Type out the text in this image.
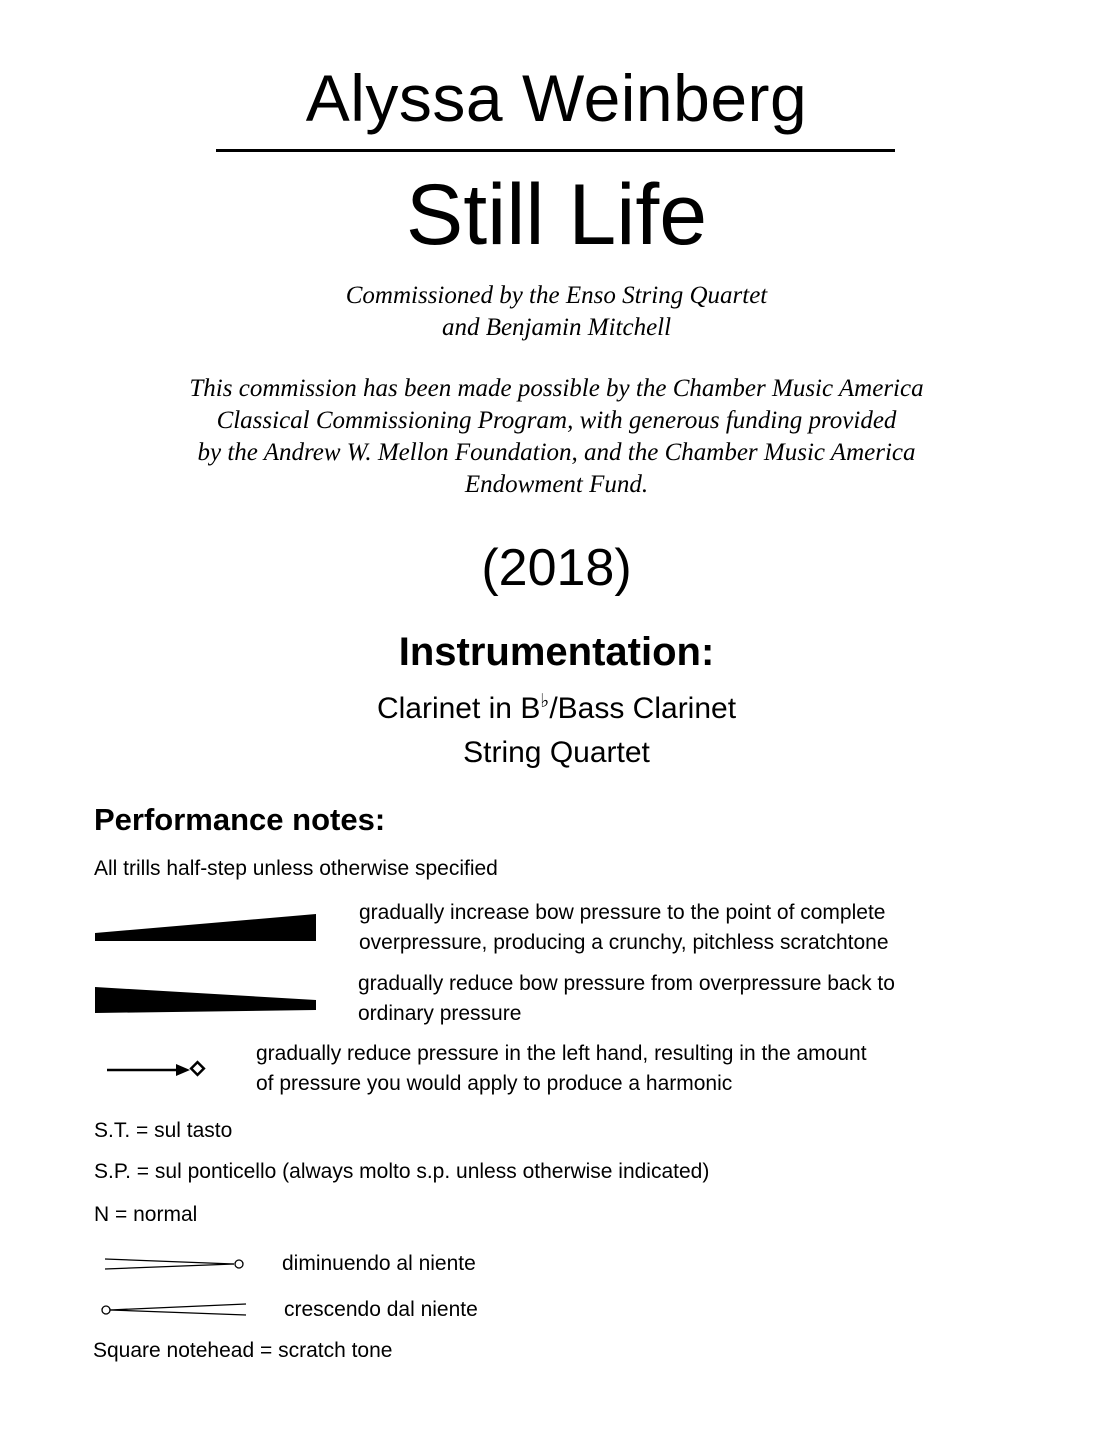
Alyssa Weinberg
Still Life
Commissioned by the Enso String Quartet
and Benjamin Mitchell
This commission has been made possible by the Chamber Music America
Classical Commissioning Program, with generous funding provided
by the Andrew W. Mellon Foundation, and the Chamber Music America
Endowment Fund.
(2018)
Instrumentation:
Clarinet in B♭/Bass Clarinet
String Quartet
Performance notes:
All trills half-step unless otherwise specified
gradually increase bow pressure to the point of complete
overpressure, producing a crunchy, pitchless scratchtone
gradually reduce bow pressure from overpressure back to
ordinary pressure
gradually reduce pressure in the left hand, resulting in the amount
of pressure you would apply to produce a harmonic
S.T. = sul tasto
S.P. = sul ponticello (always molto s.p. unless otherwise indicated)
N = normal
diminuendo al niente
crescendo dal niente
Square notehead = scratch tone
